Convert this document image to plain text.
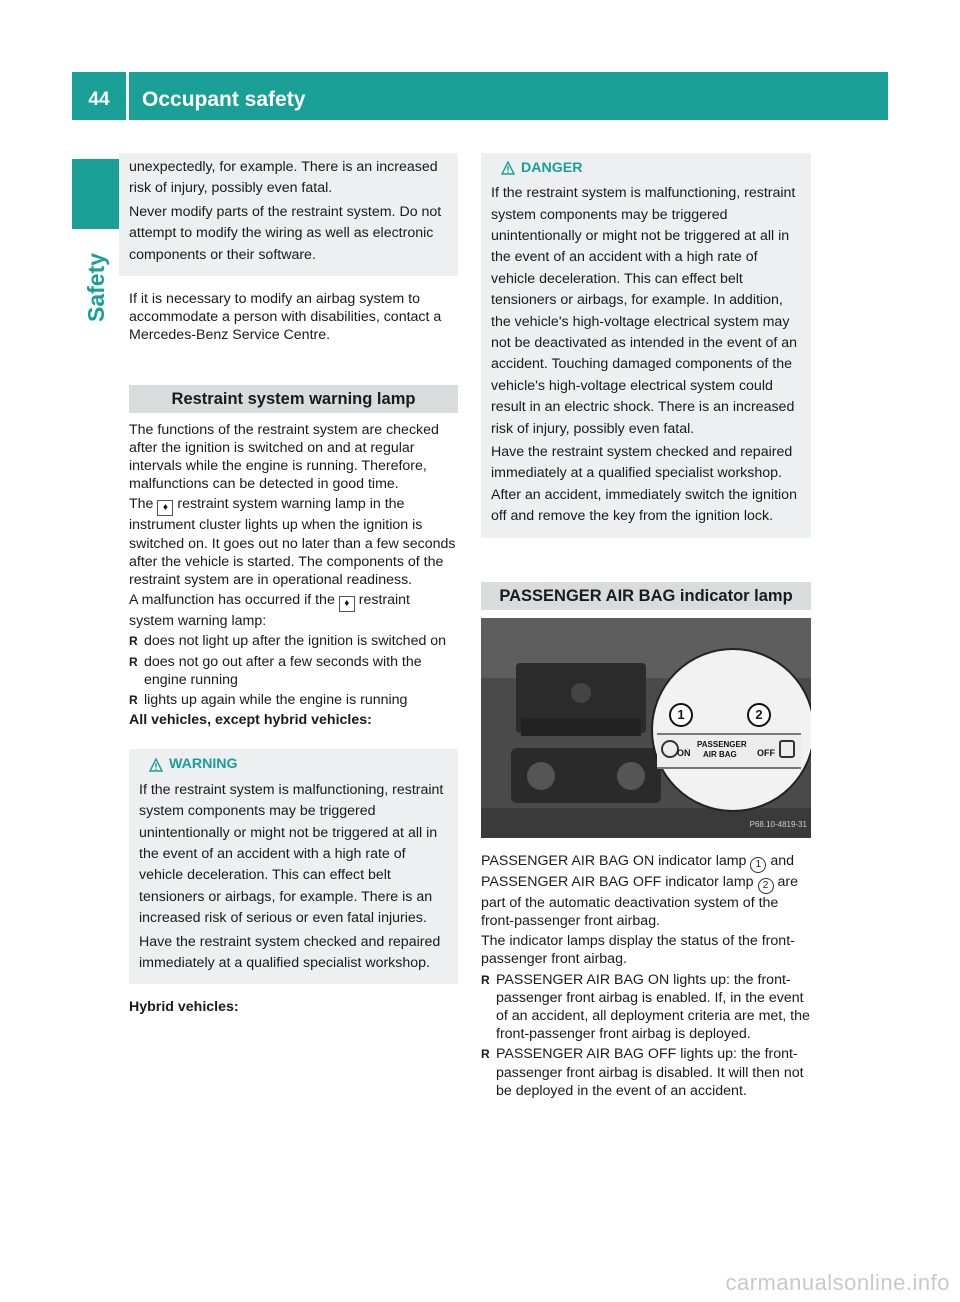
44	Occupant safety
Safety

unexpectedly, for example. There is an increased risk of injury, possibly even fatal.

Never modify parts of the restraint system. Do not attempt to modify the wiring as well as electronic components or their software.

If it is necessary to modify an airbag system to accommodate a person with disabilities, contact a Mercedes-Benz Service Centre.

Restraint system warning lamp

The functions of the restraint system are checked after the ignition is switched on and at regular intervals while the engine is running. Therefore, malfunctions can be detected in good time.

The ♦ restraint system warning lamp in the instrument cluster lights up when the ignition is switched on. It goes out no later than a few seconds after the vehicle is started. The components of the restraint system are in operational readiness.

A malfunction has occurred if the ♦ restraint system warning lamp:

R does not light up after the ignition is switched on
R does not go out after a few seconds with the engine running
R lights up again while the engine is running

All vehicles, except hybrid vehicles:

WARNING

If the restraint system is malfunctioning, restraint system components may be triggered unintentionally or might not be triggered at all in the event of an accident with a high rate of vehicle deceleration. This can effect belt tensioners or airbags, for example. There is an increased risk of serious or even fatal injuries.

Have the restraint system checked and repaired immediately at a qualified specialist workshop.

Hybrid vehicles:

DANGER

If the restraint system is malfunctioning, restraint system components may be triggered unintentionally or might not be triggered at all in the event of an accident with a high rate of vehicle deceleration. This can effect belt tensioners or airbags, for example. In addition, the vehicle's high-voltage electrical system may not be deactivated as intended in the event of an accident. Touching damaged components of the vehicle's high-voltage electrical system could result in an electric shock. There is an increased risk of injury, possibly even fatal.

Have the restraint system checked and repaired immediately at a qualified specialist workshop. After an accident, immediately switch the ignition off and remove the key from the ignition lock.

PASSENGER AIR BAG indicator lamp
1	2
ON
PASSENGER
AIR BAG OFF
P68.10-4819-31

PASSENGER AIR BAG ON indicator lamp 1 and PASSENGER AIR BAG OFF indicator lamp 2 are part of the automatic deactivation system of the front-passenger front airbag.

The indicator lamps display the status of the front-passenger front airbag.

R PASSENGER AIR BAG ON lights up: the front-passenger front airbag is enabled. If, in the event of an accident, all deployment criteria are met, the front-passenger front airbag is deployed.
R PASSENGER AIR BAG OFF lights up: the front-passenger front airbag is disabled. It will then not be deployed in the event of an accident.
carmanualsonline.info
